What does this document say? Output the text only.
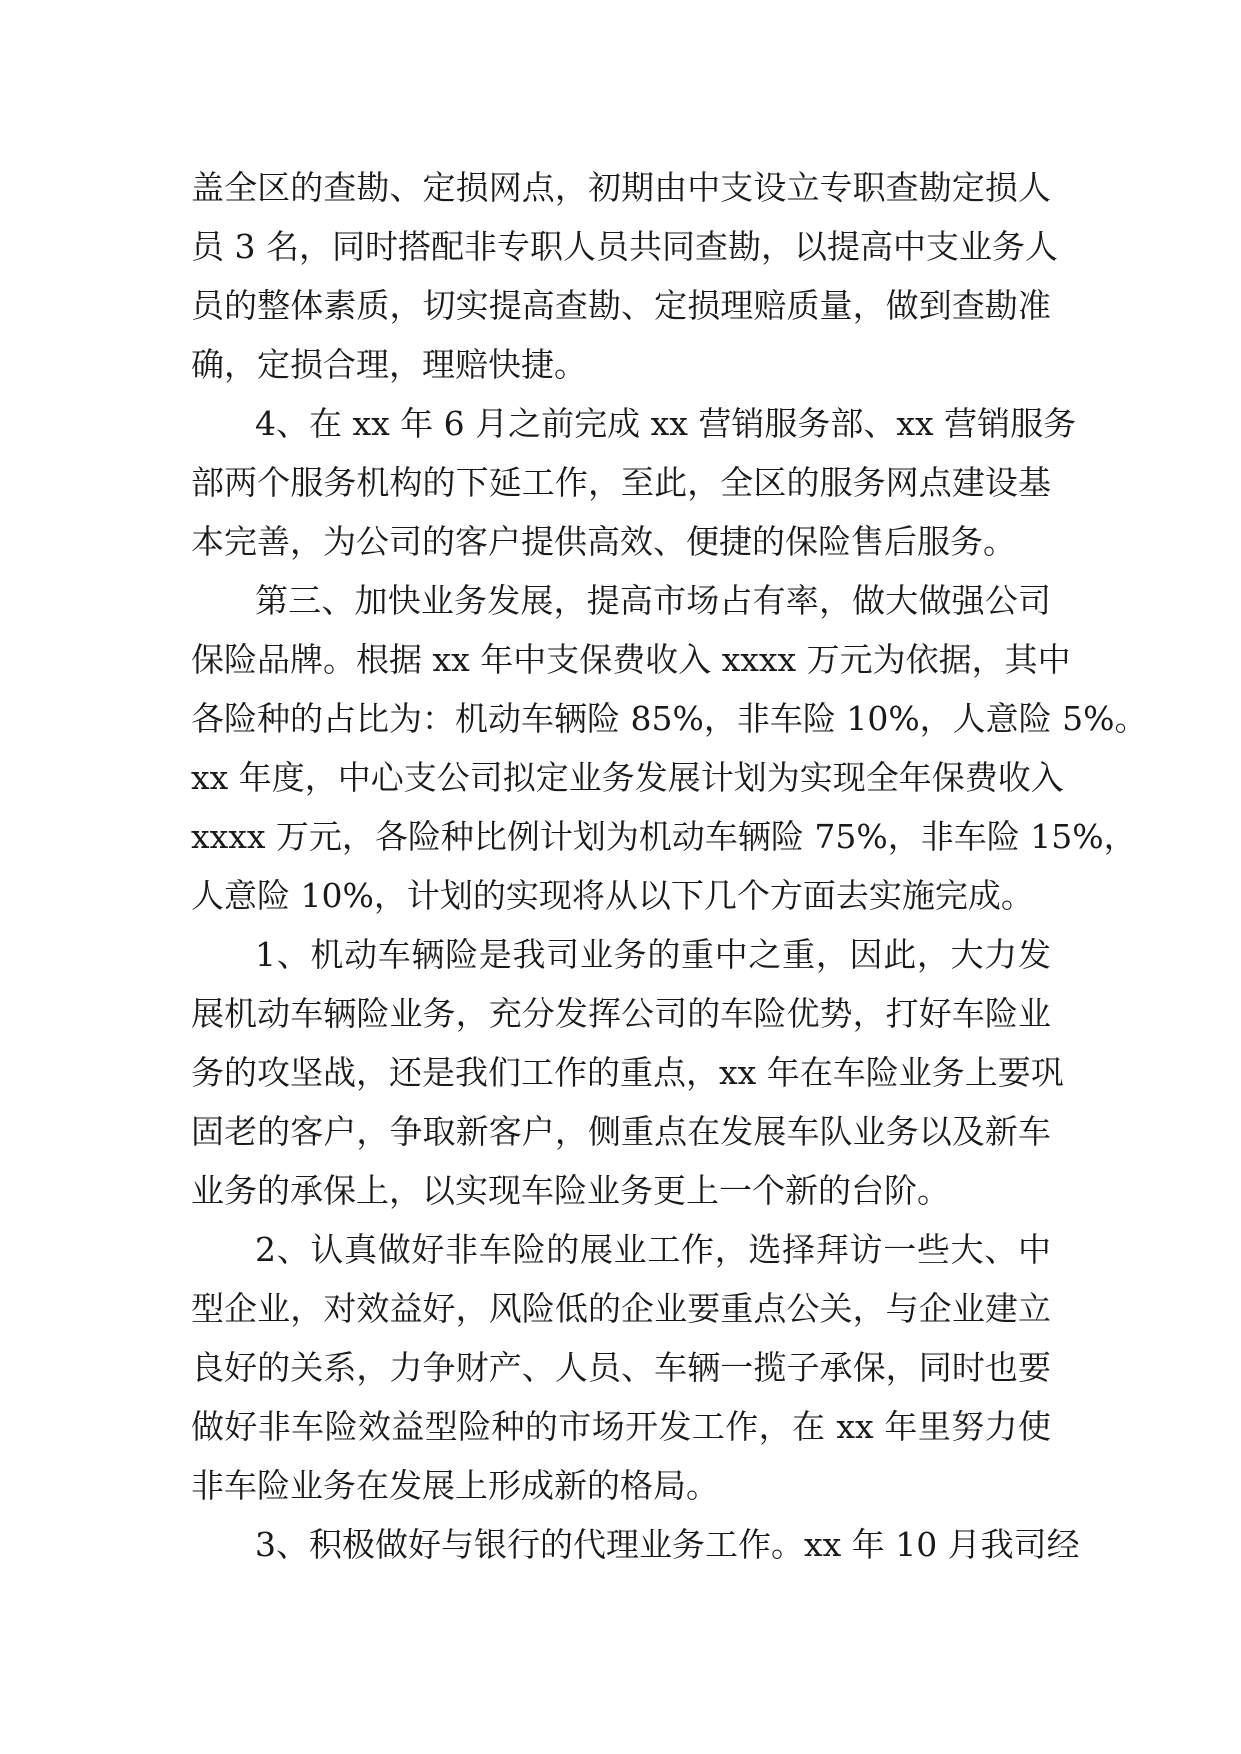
盖全区的查勘、定损网点，初期由中支设立专职查勘定损人

员 3 名，同时搭配非专职人员共同查勘，以提高中支业务人

员的整体素质，切实提高查勘、定损理赔质量，做到查勘准

确，定损合理，理赔快捷。

4、在 xx 年 6 月之前完成 xx 营销服务部、xx 营销服务

部两个服务机构的下延工作，至此，全区的服务网点建设基

本完善，为公司的客户提供高效、便捷的保险售后服务。

第三、加快业务发展，提高市场占有率，做大做强公司

保险品牌。根据 xx 年中支保费收入 xxxx 万元为依据，其中

各险种的占比为：机动车辆险 85%，非车险 10%，人意险 5%。

xx 年度，中心支公司拟定业务发展计划为实现全年保费收入

xxxx 万元，各险种比例计划为机动车辆险 75%，非车险 15%，

人意险 10%，计划的实现将从以下几个方面去实施完成。

1、机动车辆险是我司业务的重中之重，因此，大力发

展机动车辆险业务，充分发挥公司的车险优势，打好车险业

务的攻坚战，还是我们工作的重点，xx 年在车险业务上要巩

固老的客户，争取新客户，侧重点在发展车队业务以及新车

业务的承保上，以实现车险业务更上一个新的台阶。

2、认真做好非车险的展业工作，选择拜访一些大、中

型企业，对效益好，风险低的企业要重点公关，与企业建立

良好的关系，力争财产、人员、车辆一揽子承保，同时也要

做好非车险效益型险种的市场开发工作，在 xx 年里努力使

非车险业务在发展上形成新的格局。

3、积极做好与银行的代理业务工作。xx 年 10 月我司经
